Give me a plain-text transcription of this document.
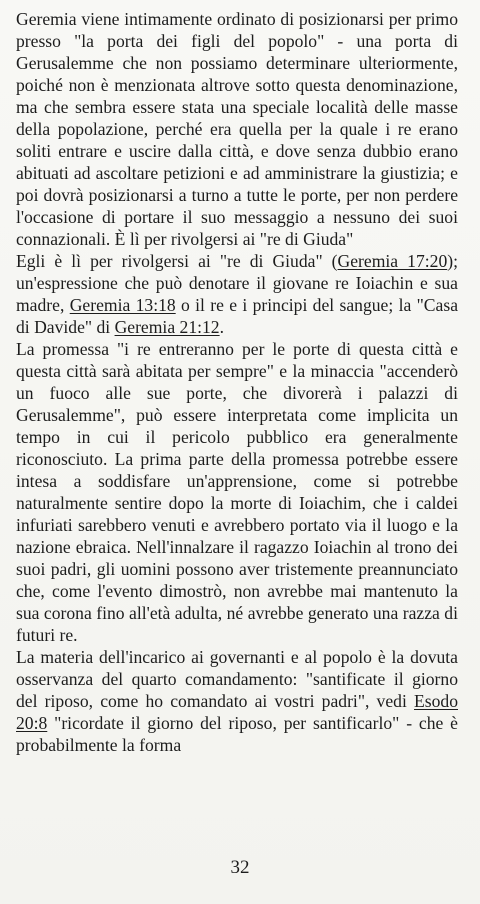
Geremia viene intimamente ordinato di posizionarsi per primo presso "la porta dei figli del popolo" - una porta di Gerusalemme che non possiamo determinare ulteriormente, poiché non è menzionata altrove sotto questa denominazione, ma che sembra essere stata una speciale località delle masse della popolazione, perché era quella per la quale i re erano soliti entrare e uscire dalla città, e dove senza dubbio erano abituati ad ascoltare petizioni e ad amministrare la giustizia; e poi dovrà posizionarsi a turno a tutte le porte, per non perdere l'occasione di portare il suo messaggio a nessuno dei suoi connazionali. È lì per rivolgersi ai "re di Giuda"

Egli è lì per rivolgersi ai "re di Giuda" (Geremia 17:20); un'espressione che può denotare il giovane re Ioiachin e sua madre, Geremia 13:18 o il re e i principi del sangue; la "Casa di Davide" di Geremia 21:12.

La promessa "i re entreranno per le porte di questa città e questa città sarà abitata per sempre" e la minaccia "accenderò un fuoco alle sue porte, che divorerà i palazzi di Gerusalemme", può essere interpretata come implicita un tempo in cui il pericolo pubblico era generalmente riconosciuto. La prima parte della promessa potrebbe essere intesa a soddisfare un'apprensione, come si potrebbe naturalmente sentire dopo la morte di Ioiachim, che i caldei infuriati sarebbero venuti e avrebbero portato via il luogo e la nazione ebraica. Nell'innalzare il ragazzo Ioiachin al trono dei suoi padri, gli uomini possono aver tristemente preannunciato che, come l'evento dimostrò, non avrebbe mai mantenuto la sua corona fino all'età adulta, né avrebbe generato una razza di futuri re.

La materia dell'incarico ai governanti e al popolo è la dovuta osservanza del quarto comandamento: "santificate il giorno del riposo, come ho comandato ai vostri padri", vedi Esodo 20:8 "ricordate il giorno del riposo, per santificarlo" - che è probabilmente la forma

32
